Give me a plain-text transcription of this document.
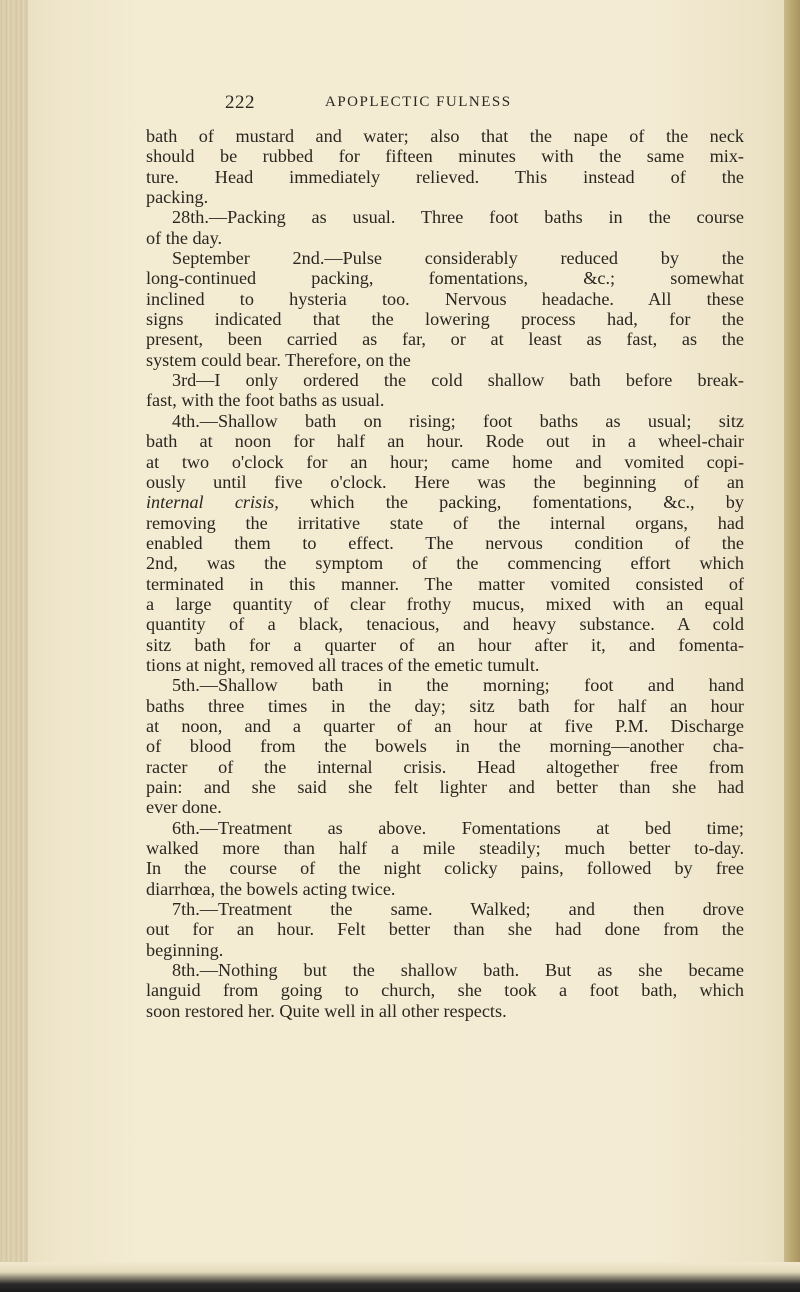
222	APOPLECTIC FULNESS
bath of mustard and water; also that the nape of the neck
should be rubbed for fifteen minutes with the same mix-
ture. Head immediately relieved. This instead of the
packing.
28th.—Packing as usual. Three foot baths in the course
of the day.
September 2nd.—Pulse considerably reduced by the
long-continued packing, fomentations, &c.; somewhat
inclined to hysteria too. Nervous headache. All these
signs indicated that the lowering process had, for the
present, been carried as far, or at least as fast, as the
system could bear. Therefore, on the
3rd—I only ordered the cold shallow bath before break-
fast, with the foot baths as usual.
4th.—Shallow bath on rising; foot baths as usual; sitz
bath at noon for half an hour. Rode out in a wheel-chair
at two o'clock for an hour; came home and vomited copi-
ously until five o'clock. Here was the beginning of an
internal crisis, which the packing, fomentations, &c., by
removing the irritative state of the internal organs, had
enabled them to effect. The nervous condition of the
2nd, was the symptom of the commencing effort which
terminated in this manner. The matter vomited consisted of
a large quantity of clear frothy mucus, mixed with an equal
quantity of a black, tenacious, and heavy substance. A cold
sitz bath for a quarter of an hour after it, and fomenta-
tions at night, removed all traces of the emetic tumult.
5th.—Shallow bath in the morning; foot and hand
baths three times in the day; sitz bath for half an hour
at noon, and a quarter of an hour at five P.M. Discharge
of blood from the bowels in the morning—another cha-
racter of the internal crisis. Head altogether free from
pain: and she said she felt lighter and better than she had
ever done.
6th.—Treatment as above. Fomentations at bed time;
walked more than half a mile steadily; much better to-day.
In the course of the night colicky pains, followed by free
diarrhœa, the bowels acting twice.
7th.—Treatment the same. Walked; and then drove
out for an hour. Felt better than she had done from the
beginning.
8th.—Nothing but the shallow bath. But as she became
languid from going to church, she took a foot bath, which
soon restored her. Quite well in all other respects.
